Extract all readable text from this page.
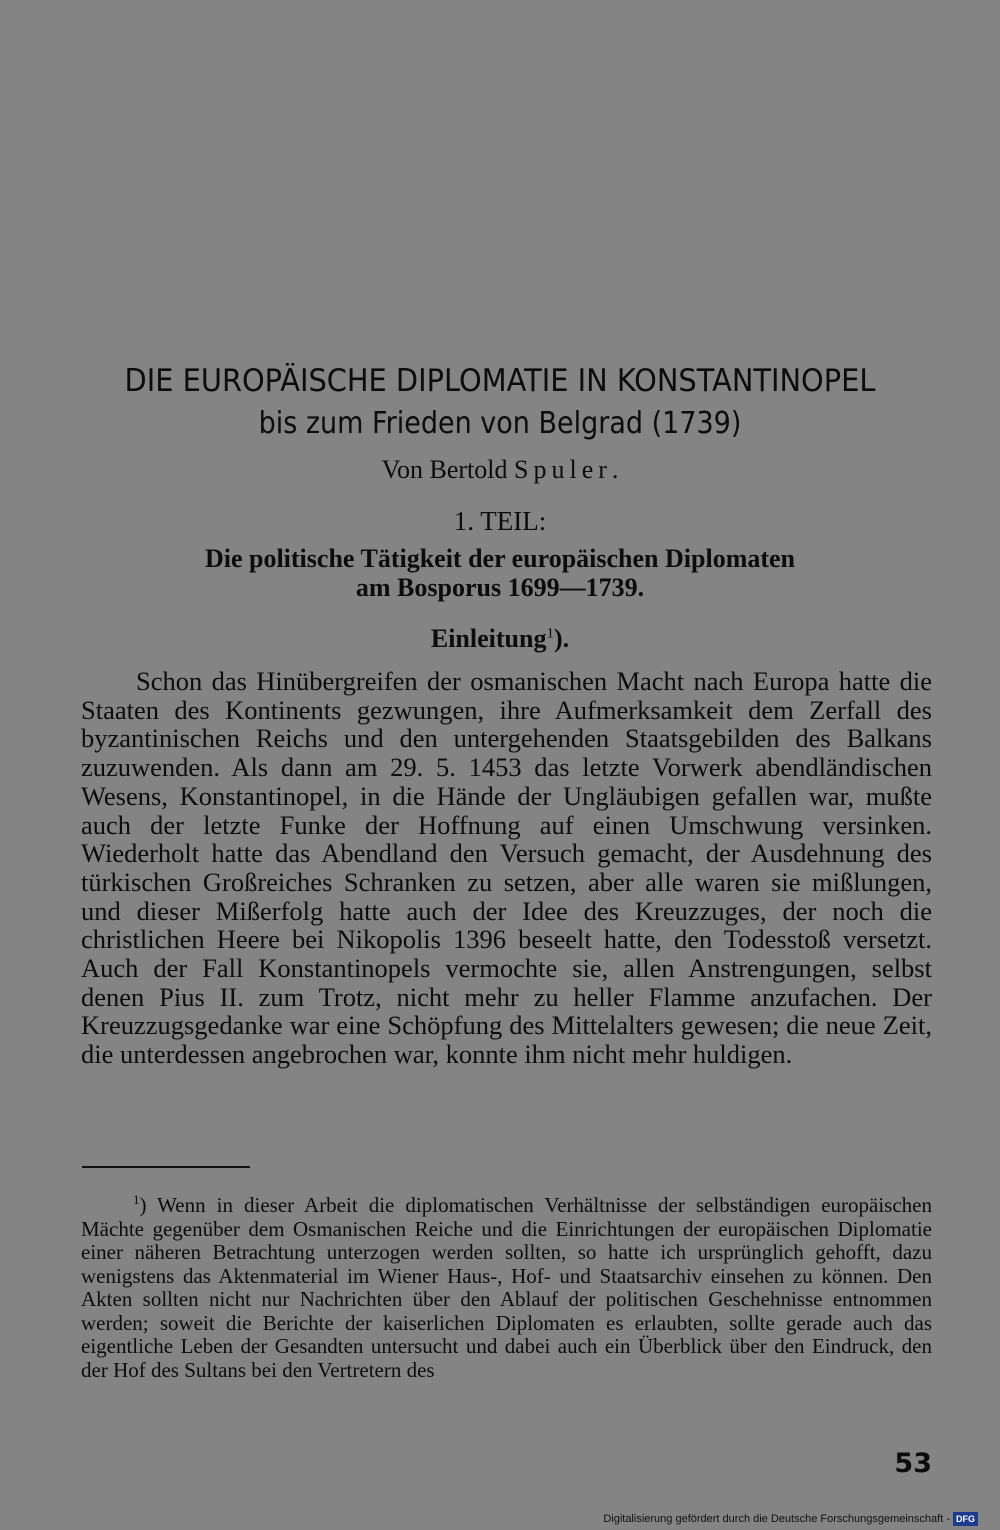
DIE EUROPÄISCHE DIPLOMATIE IN KONSTANTINOPEL
bis zum Frieden von Belgrad (1739)
Von Bertold Spuler.
1. TEIL:
Die politische Tätigkeit der europäischen Diplomaten
am Bosporus 1699—1739.
Einleitung$^1$).

Schon das Hinübergreifen der osmanischen Macht nach Europa hatte die Staaten des Kontinents gezwungen, ihre Aufmerksamkeit dem Zerfall des byzantinischen Reichs und den untergehenden Staatsgebilden des Balkans zuzuwenden. Als dann am 29. 5. 1453 das letzte Vorwerk abendländischen Wesens, Konstantinopel, in die Hände der Ungläubigen gefallen war, mußte auch der letzte Funke der Hoffnung auf einen Umschwung versinken. Wiederholt hatte das Abendland den Versuch gemacht, der Ausdehnung des türkischen Großreiches Schranken zu setzen, aber alle waren sie mißlungen, und dieser Mißerfolg hatte auch der Idee des Kreuzzuges, der noch die christlichen Heere bei Nikopolis 1396 beseelt hatte, den Todesstoß versetzt. Auch der Fall Konstantinopels vermochte sie, allen Anstrengungen, selbst denen Pius II. zum Trotz, nicht mehr zu heller Flamme anzufachen. Der Kreuzzugsgedanke war eine Schöpfung des Mittelalters gewesen; die neue Zeit, die unterdessen angebrochen war, konnte ihm nicht mehr huldigen.

$^1$) Wenn in dieser Arbeit die diplomatischen Verhältnisse der selbständigen europäischen Mächte gegenüber dem Osmanischen Reiche und die Einrichtungen der europäischen Diplomatie einer näheren Betrachtung unterzogen werden sollten, so hatte ich ursprünglich gehofft, dazu wenigstens das Aktenmaterial im Wiener Haus-, Hof- und Staatsarchiv einsehen zu können. Den Akten sollten nicht nur Nachrichten über den Ablauf der politischen Geschehnisse entnommen werden; soweit die Berichte der kaiserlichen Diplomaten es erlaubten, sollte gerade auch das eigentliche Leben der Gesandten untersucht und dabei auch ein Überblick über den Eindruck, den der Hof des Sultans bei den Vertretern des

53
Digitalisierung gefördert durch die Deutsche Forschungsgemeinschaft - DFG
